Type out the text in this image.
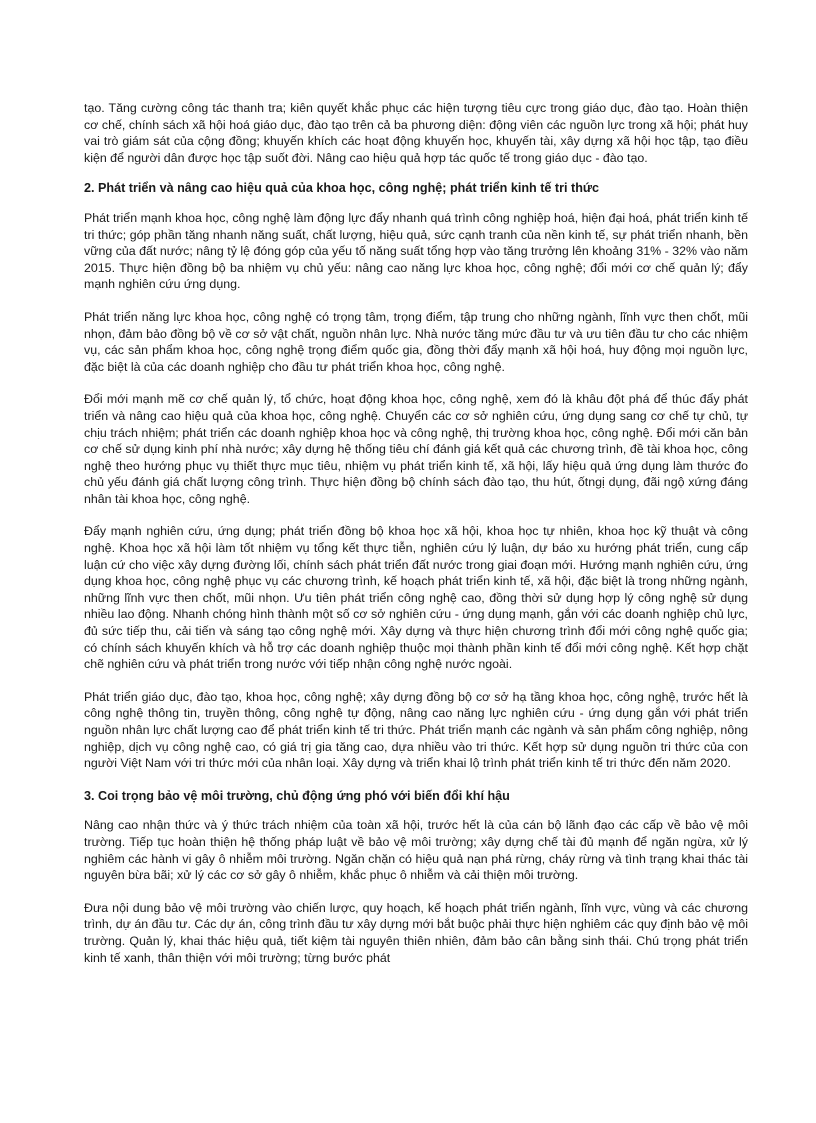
tạo. Tăng cường công tác thanh tra; kiên quyết khắc phục các hiện tượng tiêu cực trong giáo dục, đào tạo. Hoàn thiện cơ chế, chính sách xã hội hoá giáo dục, đào tạo trên cả ba phương diện: động viên các nguồn lực trong xã hội; phát huy vai trò giám sát của cộng đồng; khuyến khích các hoạt động khuyến học, khuyến tài, xây dựng xã hội học tập, tạo điều kiện để người dân được học tập suốt đời. Nâng cao hiệu quả hợp tác quốc tế trong giáo dục - đào tạo.

2. Phát triển và nâng cao hiệu quả của khoa học, công nghệ; phát triển kinh tế tri thức

Phát triển mạnh khoa học, công nghệ làm động lực đẩy nhanh quá trình công nghiệp hoá, hiện đại hoá, phát triển kinh tế tri thức; góp phần tăng nhanh năng suất, chất lượng, hiệu quả, sức cạnh tranh của nền kinh tế, sự phát triển nhanh, bền vững của đất nước; nâng tỷ lệ đóng góp của yếu tố năng suất tổng hợp vào tăng trưởng lên khoảng 31% - 32% vào năm 2015. Thực hiện đồng bộ ba nhiệm vụ chủ yếu: nâng cao năng lực khoa học, công nghệ; đổi mới cơ chế quản lý; đẩy mạnh nghiên cứu ứng dụng.

Phát triển năng lực khoa học, công nghệ có trọng tâm, trọng điểm, tập trung cho những ngành, lĩnh vực then chốt, mũi nhọn, đảm bảo đồng bộ về cơ sở vật chất, nguồn nhân lực. Nhà nước tăng mức đầu tư và ưu tiên đầu tư cho các nhiệm vụ, các sản phẩm khoa học, công nghệ trọng điểm quốc gia, đồng thời đẩy mạnh xã hội hoá, huy động mọi nguồn lực, đặc biệt là của các doanh nghiệp cho đầu tư phát triển khoa học, công nghệ.

Đổi mới mạnh mẽ cơ chế quản lý, tổ chức, hoạt động khoa học, công nghệ, xem đó là khâu đột phá để thúc đẩy phát triển và nâng cao hiệu quả của khoa học, công nghệ. Chuyển các cơ sở nghiên cứu, ứng dụng sang cơ chế tự chủ, tự chịu trách nhiệm; phát triển các doanh nghiệp khoa học và công nghệ, thị trường khoa học, công nghệ. Đổi mới căn bản cơ chế sử dụng kinh phí nhà nước; xây dựng hệ thống tiêu chí đánh giá kết quả các chương trình, đề tài khoa học, công nghệ theo hướng phục vụ thiết thực mục tiêu, nhiệm vụ phát triển kinh tế, xã hội, lấy hiệu quả ứng dụng làm thước đo chủ yếu đánh giá chất lượng công trình. Thực hiện đồng bộ chính sách đào tạo, thu hút, ốtngị dụng, đãi ngộ xứng đáng nhân tài khoa học, công nghệ.

Đẩy mạnh nghiên cứu, ứng dụng; phát triển đồng bộ khoa học xã hội, khoa học tự nhiên, khoa học kỹ thuật và công nghệ. Khoa học xã hội làm tốt nhiệm vụ tổng kết thực tiễn, nghiên cứu lý luận, dự báo xu hướng phát triển, cung cấp luận cứ cho việc xây dựng đường lối, chính sách phát triển đất nước trong giai đoạn mới. Hướng mạnh nghiên cứu, ứng dụng khoa học, công nghệ phục vụ các chương trình, kế hoạch phát triển kinh tế, xã hội, đặc biệt là trong những ngành, những lĩnh vực then chốt, mũi nhọn. Ưu tiên phát triển công nghệ cao, đồng thời sử dụng hợp lý công nghệ sử dụng nhiều lao động. Nhanh chóng hình thành một số cơ sở nghiên cứu - ứng dụng mạnh, gắn với các doanh nghiệp chủ lực, đủ sức tiếp thu, cải tiến và sáng tạo công nghệ mới. Xây dựng và thực hiện chương trình đổi mới công nghệ quốc gia; có chính sách khuyến khích và hỗ trợ các doanh nghiệp thuộc mọi thành phần kinh tế đổi mới công nghệ. Kết hợp chặt chẽ nghiên cứu và phát triển trong nước với tiếp nhận công nghệ nước ngoài.

Phát triển giáo dục, đào tạo, khoa học, công nghệ; xây dựng đồng bộ cơ sở hạ tầng khoa học, công nghệ, trước hết là công nghệ thông tin, truyền thông, công nghệ tự động, nâng cao năng lực nghiên cứu - ứng dụng gắn với phát triển nguồn nhân lực chất lượng cao để phát triển kinh tế tri thức. Phát triển mạnh các ngành và sản phẩm công nghiệp, nông nghiệp, dịch vụ công nghệ cao, có giá trị gia tăng cao, dựa nhiều vào tri thức. Kết hợp sử dụng nguồn tri thức của con người Việt Nam với tri thức mới của nhân loại. Xây dựng và triển khai lộ trình phát triển kinh tế tri thức đến năm 2020.

3. Coi trọng bảo vệ môi trường, chủ động ứng phó với biến đổi khí hậu

Nâng cao nhận thức và ý thức trách nhiệm của toàn xã hội, trước hết là của cán bộ lãnh đạo các cấp về bảo vệ môi trường. Tiếp tục hoàn thiện hệ thống pháp luật về bảo vệ môi trường; xây dựng chế tài đủ mạnh để ngăn ngừa, xử lý nghiêm các hành vi gây ô nhiễm môi trường. Ngăn chặn có hiệu quả nạn phá rừng, cháy rừng và tình trạng khai thác tài nguyên bừa bãi; xử lý các cơ sở gây ô nhiễm, khắc phục ô nhiễm và cải thiện môi trường.

Đưa nội dung bảo vệ môi trường vào chiến lược, quy hoạch, kế hoạch phát triển ngành, lĩnh vực, vùng và các chương trình, dự án đầu tư. Các dự án, công trình đầu tư xây dựng mới bắt buộc phải thực hiện nghiêm các quy định bảo vệ môi trường. Quản lý, khai thác hiệu quả, tiết kiệm tài nguyên thiên nhiên, đảm bảo cân bằng sinh thái. Chú trọng phát triển kinh tế xanh, thân thiện với môi trường; từng bước phát
